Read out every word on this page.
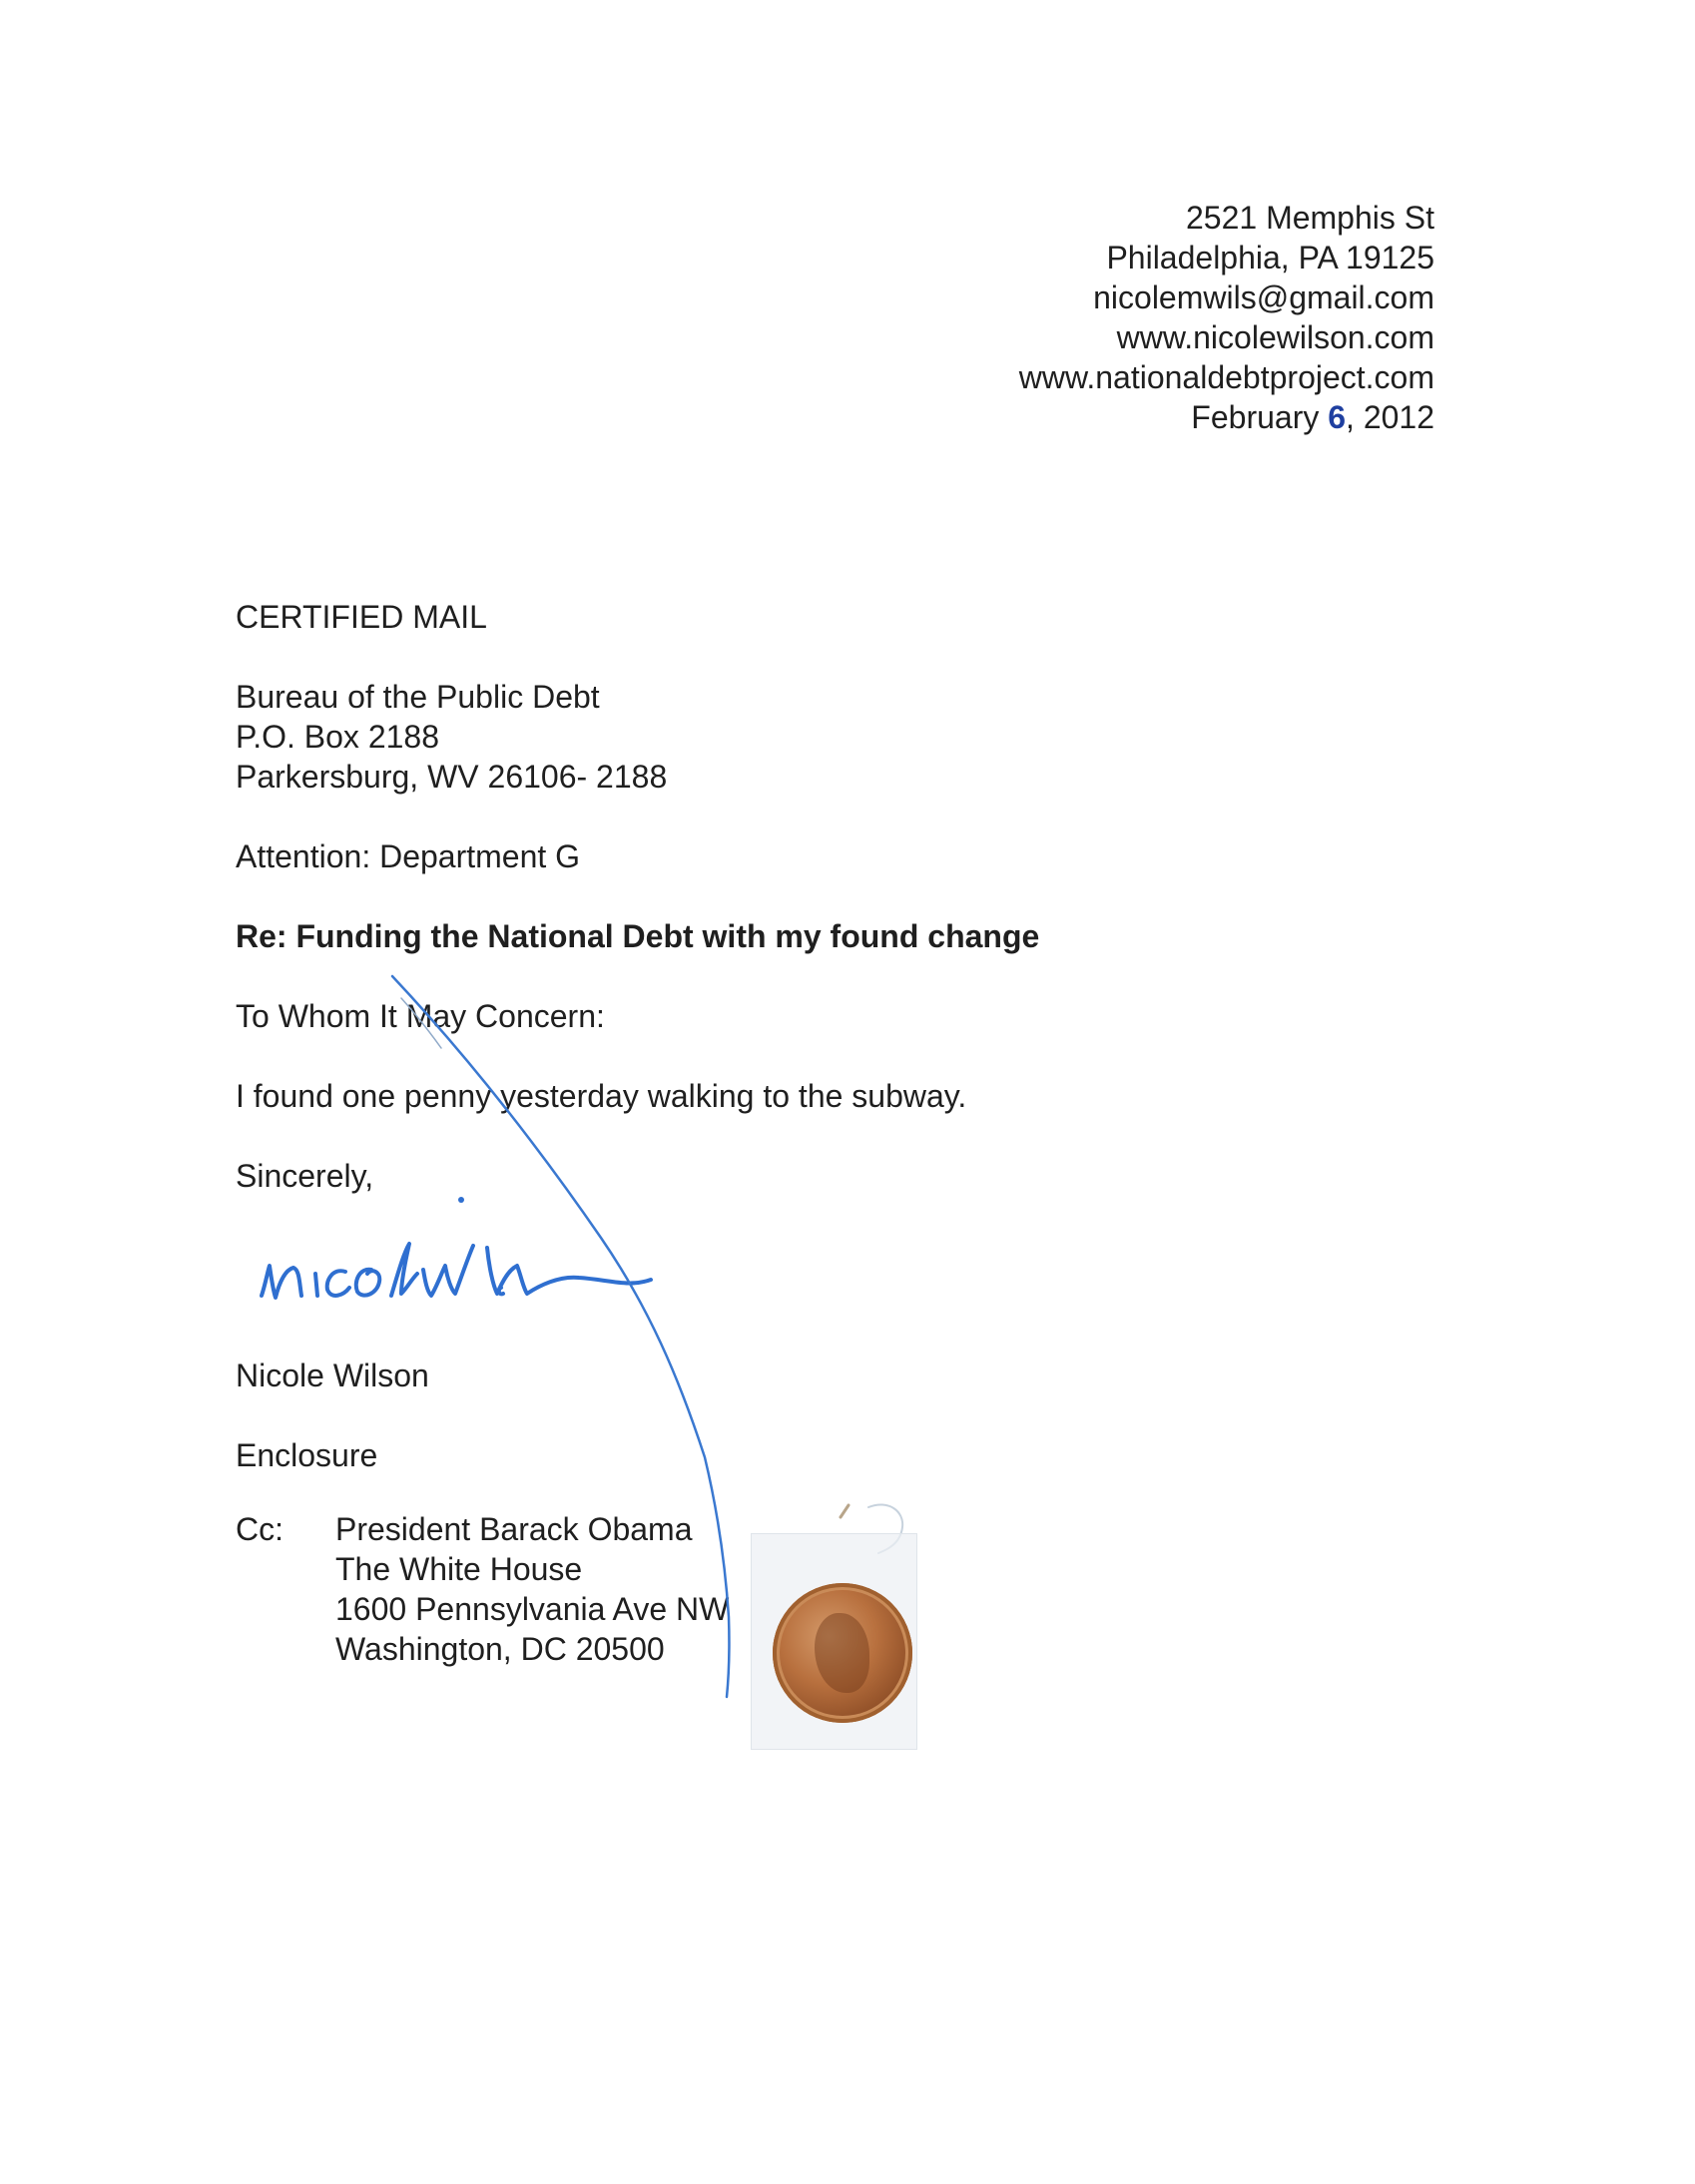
2521 Memphis St
Philadelphia, PA 19125
nicolemwils@gmail.com
www.nicolewilson.com
www.nationaldebtproject.com
February 6, 2012
CERTIFIED MAIL
Bureau of the Public Debt
P.O. Box 2188
Parkersburg, WV 26106- 2188
Attention: Department G
Re: Funding the National Debt with my found change
To Whom It May Concern:
I found one penny yesterday walking to the subway.
Sincerely,
Nicole Wilson
Enclosure
Cc:	President Barack Obama
The White House
1600 Pennsylvania Ave NW
Washington, DC 20500
